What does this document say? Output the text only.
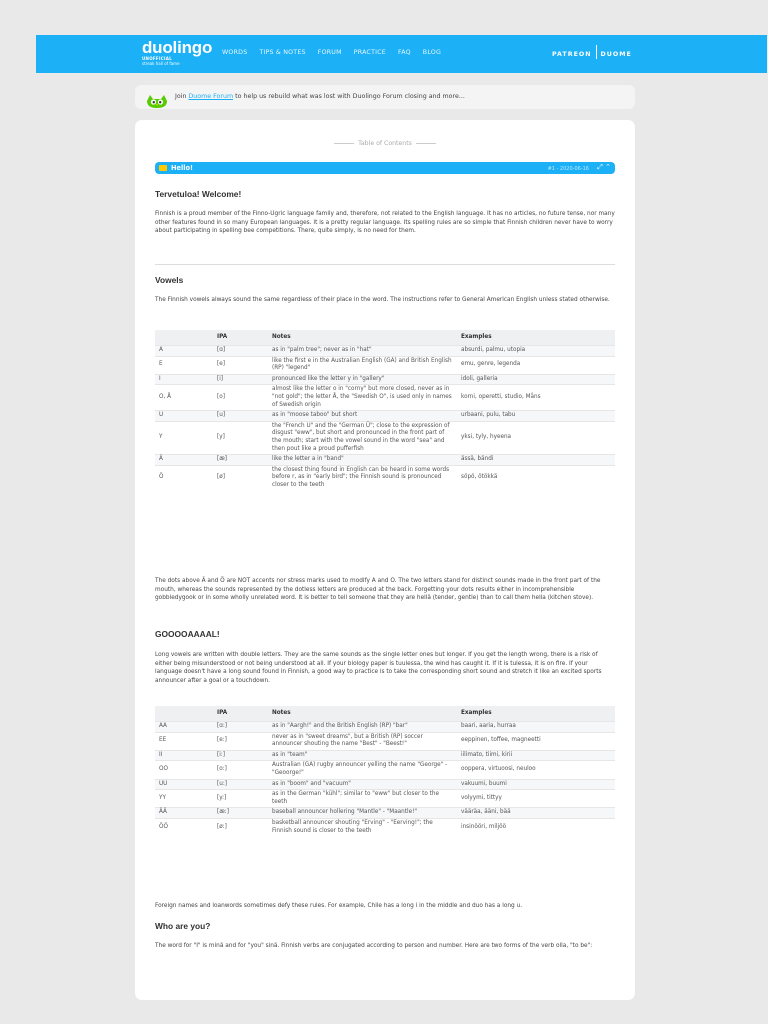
duolingo
UNOFFICIAL
streak hall of fame
WORDS TIPS & NOTES FORUM PRACTICE FAQ BLOG	PATREON DUOME
Join Duome Forum to help us rebuild what was lost with Duolingo Forum closing and more...
Table of Contents
Hello!	#1 - 2020-06-16 ⤢ ⌃
Tervetuloa! Welcome!

Finnish is a proud member of the Finno-Ugric language family and, therefore, not related to the English language. It has no articles, no future tense, nor many other features found in so many European languages. It is a pretty regular language. Its spelling rules are so simple that Finnish children never have to worry about participating in spelling bee competitions. There, quite simply, is no need for them.

Vowels

The Finnish vowels always sound the same regardless of their place in the word. The instructions refer to General American English unless stated otherwise.

	IPA	Notes	Examples
A	[ɑ]	as in "palm tree"; never as in "hat"	absurdi, palmu, utopia
E	[e]	like the first e in the Australian English (GA) and British English (RP) "legend"	emu, genre, legenda
I	[i]	pronounced like the letter y in "gallery"	idoli, galleria
O, Å	[o]	almost like the letter o in "corny" but more closed, never as in "not gold"; the letter Å, the "Swedish O", is used only in names of Swedish origin	korni, operetti, studio, Måns
U	[u]	as in "moose taboo" but short	urbaani, pulu, tabu
Y	[y]	the "French U" and the "German Ü"; close to the expression of disgust "eww", but short and pronounced in the front part of the mouth; start with the vowel sound in the word "sea" and then pout like a proud pufferfish	yksi, tyly, hyeena
Ä	[æ]	like the letter a in "band"	ässä, bändi
Ö	[ø]	the closest thing found in English can be heard in some words before r, as in "early bird"; the Finnish sound is pronounced closer to the teeth	söpö, ötökkä

The dots above Ä and Ö are NOT accents nor stress marks used to modify A and O. The two letters stand for distinct sounds made in the front part of the mouth, whereas the sounds represented by the dotless letters are produced at the back. Forgetting your dots results either in incomprehensible gobbledygook or in some wholly unrelated word. It is better to tell someone that they are hellä (tender, gentle) than to call them hella (kitchen stove).

GOOOOAAAAL!

Long vowels are written with double letters. They are the same sounds as the single letter ones but longer. If you get the length wrong, there is a risk of either being misunderstood or not being understood at all. If your biology paper is tuulessa, the wind has caught it. If it is tulessa, it is on fire. If your language doesn't have a long sound found in Finnish, a good way to practice is to take the corresponding short sound and stretch it like an excited sports announcer after a goal or a touchdown.

	IPA	Notes	Examples
AA	[ɑ:]	as in "Aargh!" and the British English (RP) "bar"	baari, aaria, hurraa
EE	[e:]	never as in "sweet dreams", but a British (RP) soccer announcer shouting the name "Best" - "Beest!"	eeppinen, toffee, magneetti
II	[i:]	as in "team"	iilimato, tiimi, kirii
OO	[o:]	Australian (GA) rugby announcer yelling the name "George" - "Geoorge!"	ooppera, virtuoosi, neuloo
UU	[u:]	as in "boom" and "vacuum"	vakuumi, buumi
YY	[y:]	as in the German "kühl"; similar to "eww" but closer to the teeth	volyymi, tittyy
ÄÄ	[æ:]	baseball announcer hollering "Mantle" - "Maantle!"	vääräa, ääni, bää
ÖÖ	[ø:]	basketball announcer shouting "Erving" - "Eerving!"; the Finnish sound is closer to the teeth	insinööri, miljöö

Foreign names and loanwords sometimes defy these rules. For example, Chile has a long i in the middle and duo has a long u.

Who are you?

The word for "I" is minä and for "you" sinä. Finnish verbs are conjugated according to person and number. Here are two forms of the verb olla, "to be":
